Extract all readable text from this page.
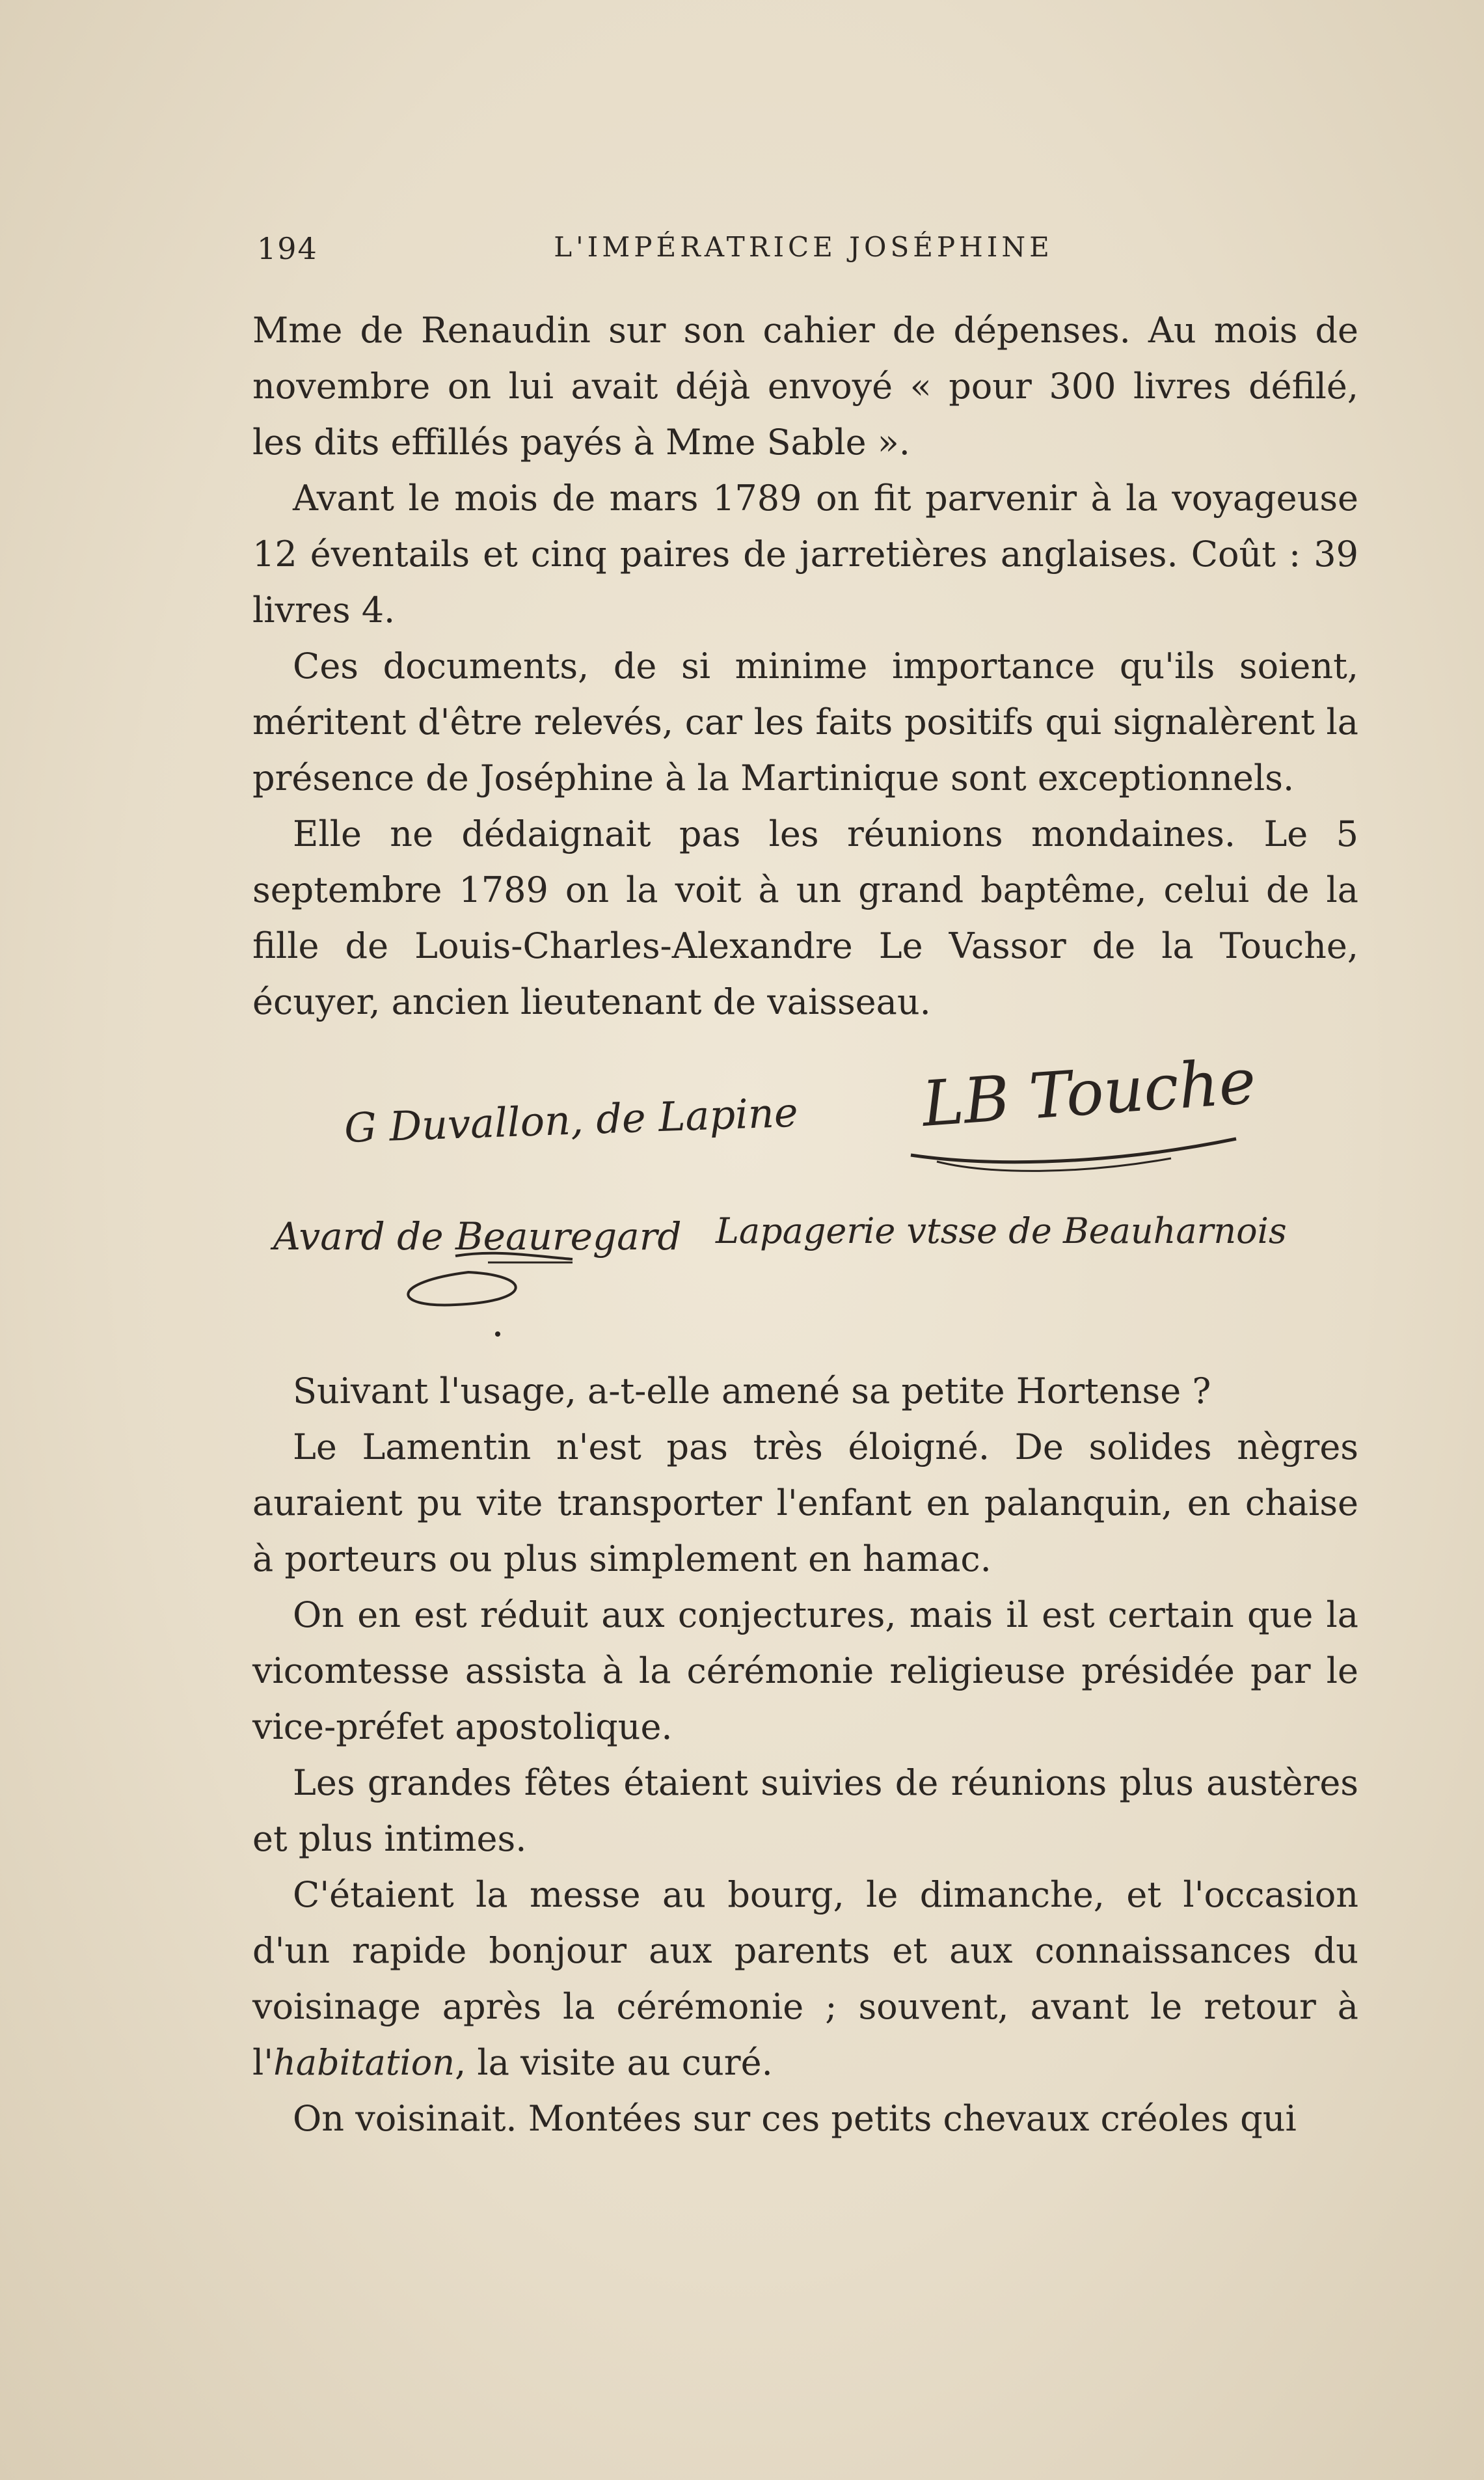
194	L'IMPÉRATRICE JOSÉPHINE

Mme de Renaudin sur son cahier de dépenses. Au mois de novembre on lui avait déjà envoyé « pour 300 livres défilé, les dits effillés payés à Mme Sable ».

Avant le mois de mars 1789 on fit parvenir à la voyageuse 12 éventails et cinq paires de jarretières anglaises. Coût : 39 livres 4.

Ces documents, de si minime importance qu'ils soient, méritent d'être relevés, car les faits positifs qui signalèrent la présence de Joséphine à la Martinique sont exceptionnels.

Elle ne dédaignait pas les réunions mondaines. Le 5 septembre 1789 on la voit à un grand baptême, celui de la fille de Louis-Charles-Alexandre Le Vassor de la Touche, écuyer, ancien lieutenant de vaisseau.

G Duvallon, de Lapine LB Touche
Avard de Beauregard Lapagerie vtsse de Beauharnois

Suivant l'usage, a-t-elle amené sa petite Hortense ?

Le Lamentin n'est pas très éloigné. De solides nègres auraient pu vite transporter l'enfant en palanquin, en chaise à porteurs ou plus simplement en hamac.

On en est réduit aux conjectures, mais il est certain que la vicomtesse assista à la cérémonie religieuse présidée par le vice-préfet apostolique.

Les grandes fêtes étaient suivies de réunions plus austères et plus intimes.

C'étaient la messe au bourg, le dimanche, et l'occasion d'un rapide bonjour aux parents et aux connaissances du voisinage après la cérémonie ; souvent, avant le retour à l'habitation, la visite au curé.

On voisinait. Montées sur ces petits chevaux créoles qui
